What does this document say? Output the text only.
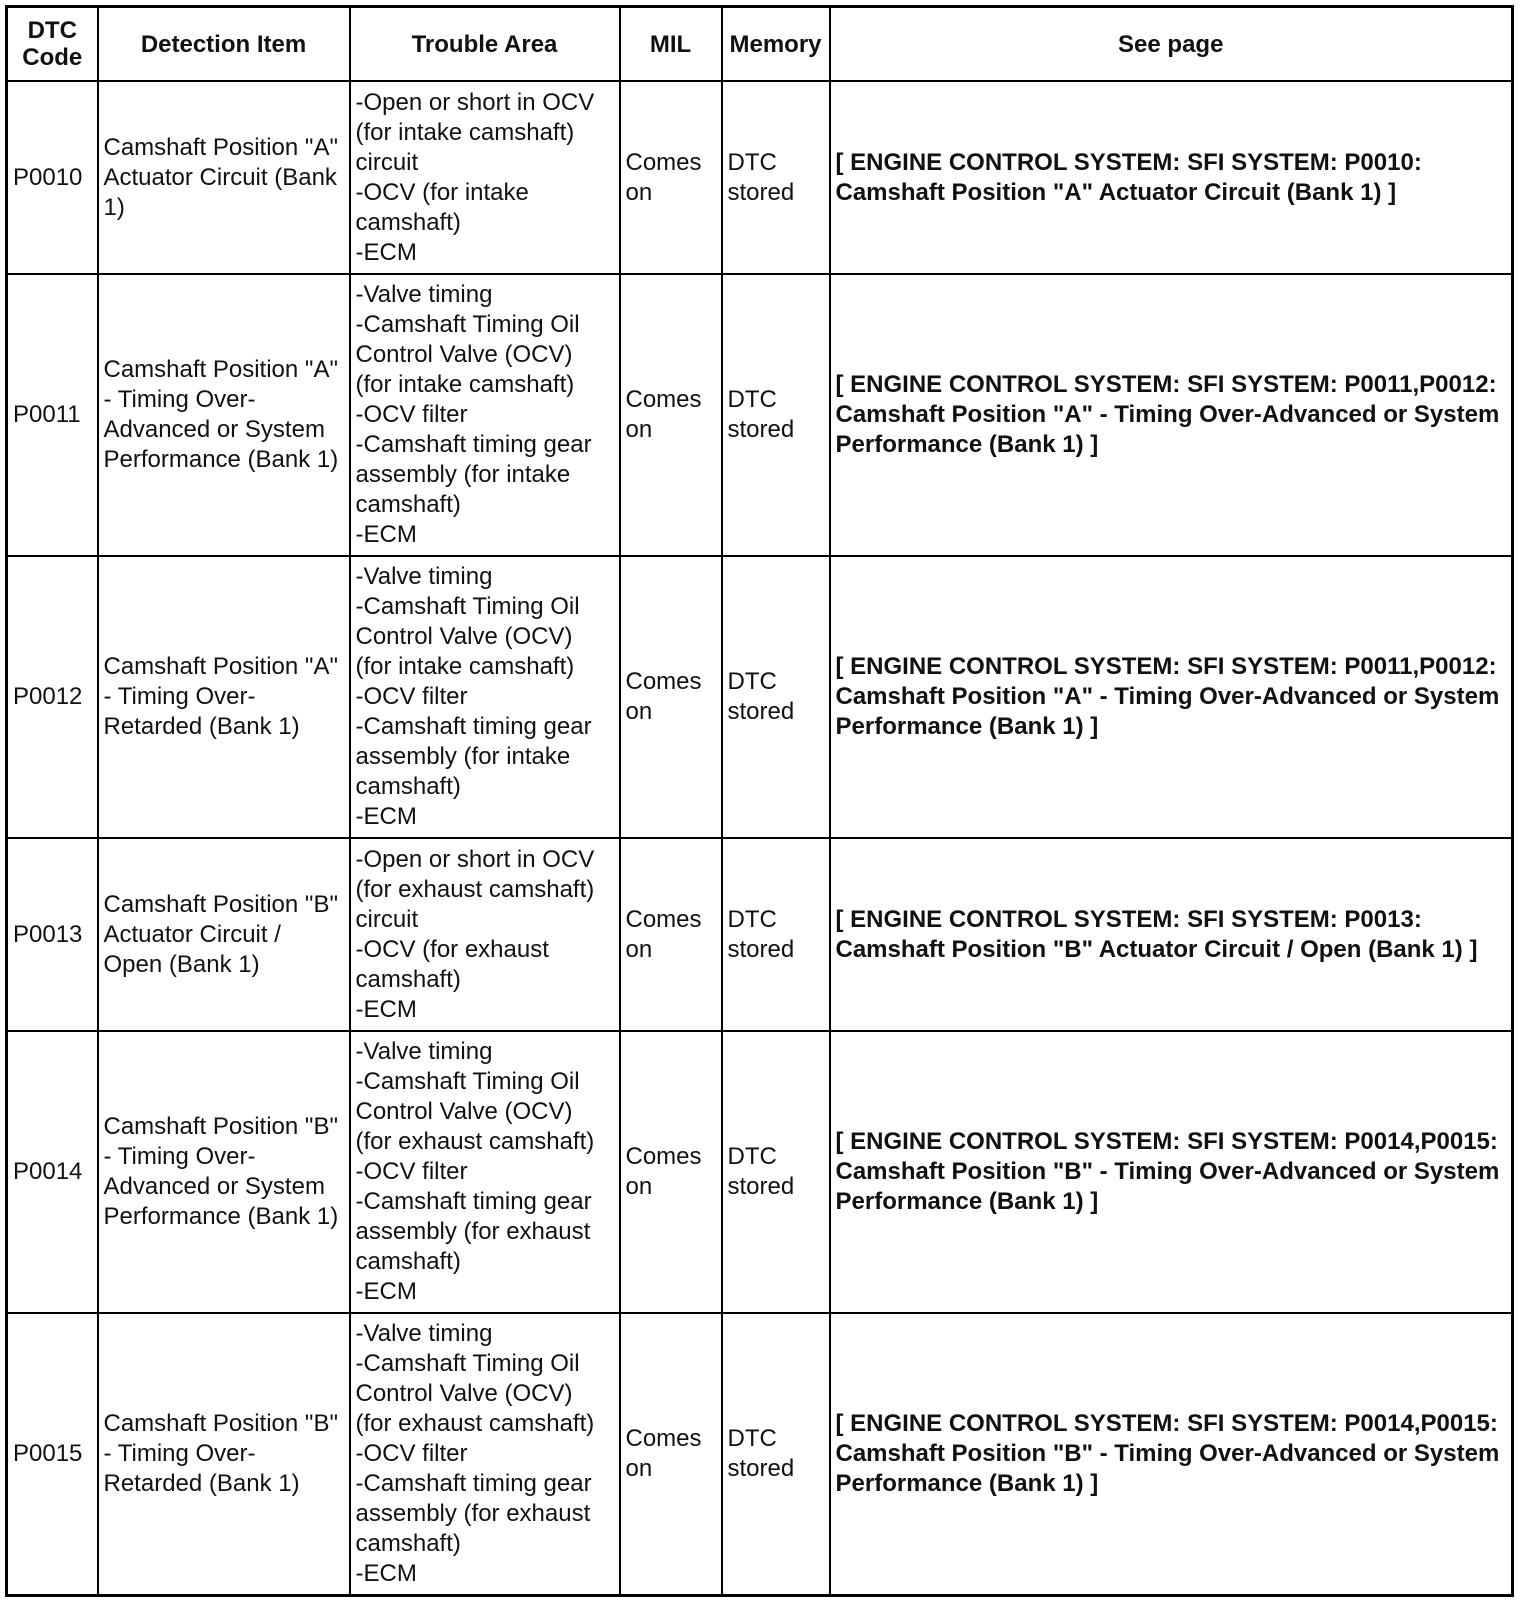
DTC Code	Detection Item	Trouble Area	MIL	Memory	See page
P0010	Camshaft Position "A" Actuator Circuit (Bank 1)	-Open or short in OCV (for intake camshaft) circuit
-OCV (for intake camshaft)
-ECM	Comes on	DTC stored	[ ENGINE CONTROL SYSTEM: SFI SYSTEM: P0010: Camshaft Position "A" Actuator Circuit (Bank 1) ]
P0011	Camshaft Position "A" - Timing Over-Advanced or System Performance (Bank 1)	-Valve timing
-Camshaft Timing Oil Control Valve (OCV) (for intake camshaft)
-OCV filter
-Camshaft timing gear assembly (for intake camshaft)
-ECM	Comes on	DTC stored	[ ENGINE CONTROL SYSTEM: SFI SYSTEM: P0011,P0012: Camshaft Position "A" - Timing Over-Advanced or System Performance (Bank 1) ]
P0012	Camshaft Position "A" - Timing Over-Retarded (Bank 1)	-Valve timing
-Camshaft Timing Oil Control Valve (OCV) (for intake camshaft)
-OCV filter
-Camshaft timing gear assembly (for intake camshaft)
-ECM	Comes on	DTC stored	[ ENGINE CONTROL SYSTEM: SFI SYSTEM: P0011,P0012: Camshaft Position "A" - Timing Over-Advanced or System Performance (Bank 1) ]
P0013	Camshaft Position "B" Actuator Circuit / Open (Bank 1)	-Open or short in OCV (for exhaust camshaft) circuit
-OCV (for exhaust camshaft)
-ECM	Comes on	DTC stored	[ ENGINE CONTROL SYSTEM: SFI SYSTEM: P0013: Camshaft Position "B" Actuator Circuit / Open (Bank 1) ]
P0014	Camshaft Position "B" - Timing Over-Advanced or System Performance (Bank 1)	-Valve timing
-Camshaft Timing Oil Control Valve (OCV) (for exhaust camshaft)
-OCV filter
-Camshaft timing gear assembly (for exhaust camshaft)
-ECM	Comes on	DTC stored	[ ENGINE CONTROL SYSTEM: SFI SYSTEM: P0014,P0015: Camshaft Position "B" - Timing Over-Advanced or System Performance (Bank 1) ]
P0015	Camshaft Position "B" - Timing Over-Retarded (Bank 1)	-Valve timing
-Camshaft Timing Oil Control Valve (OCV) (for exhaust camshaft)
-OCV filter
-Camshaft timing gear assembly (for exhaust camshaft)
-ECM	Comes on	DTC stored	[ ENGINE CONTROL SYSTEM: SFI SYSTEM: P0014,P0015: Camshaft Position "B" - Timing Over-Advanced or System Performance (Bank 1) ]
